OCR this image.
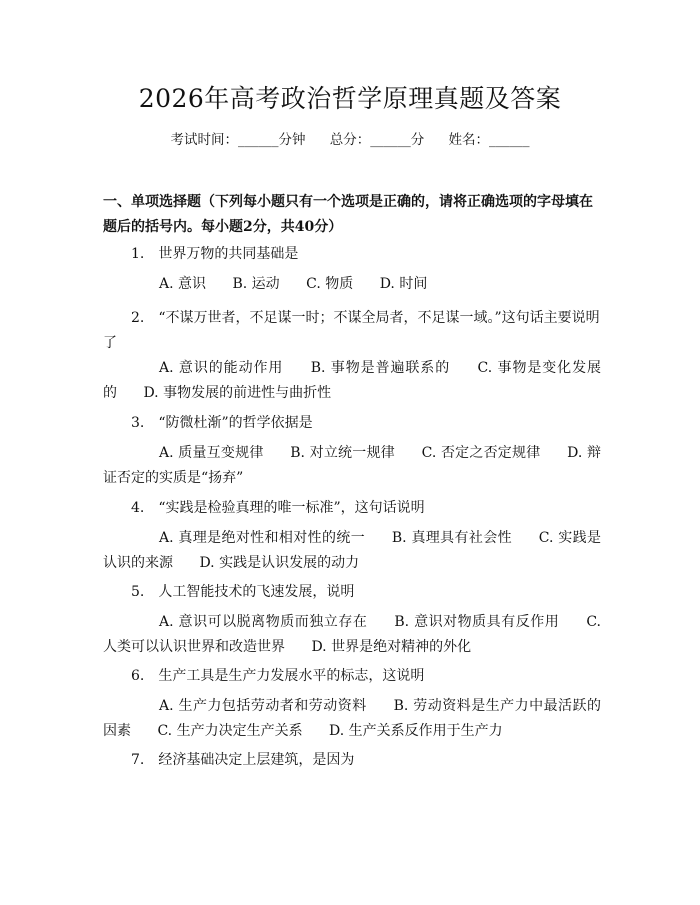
2026年高考政治哲学原理真题及答案
考试时间：______分钟 总分：______分 姓名：______
一、单项选择题（下列每小题只有一个选项是正确的，请将正确选项的字母填在题后的括号内。每小题2分，共40分）
1. 世界万物的共同基础是
A. 意识 B. 运动 C. 物质 D. 时间
2. “不谋万世者，不足谋一时；不谋全局者，不足谋一域。”这句话主要说明了
A. 意识的能动作用 B. 事物是普遍联系的 C. 事物是变化发展的 D. 事物发展的前进性与曲折性
3. “防微杜渐”的哲学依据是
A. 质量互变规律 B. 对立统一规律 C. 否定之否定规律 D. 辩证否定的实质是“扬弃”
4. “实践是检验真理的唯一标准”，这句话说明
A. 真理是绝对性和相对性的统一 B. 真理具有社会性 C. 实践是认识的来源 D. 实践是认识发展的动力
5. 人工智能技术的飞速发展，说明
A. 意识可以脱离物质而独立存在 B. 意识对物质具有反作用 C. 人类可以认识世界和改造世界 D. 世界是绝对精神的外化
6. 生产工具是生产力发展水平的标志，这说明
A. 生产力包括劳动者和劳动资料 B. 劳动资料是生产力中最活跃的因素 C. 生产力决定生产关系 D. 生产关系反作用于生产力
7. 经济基础决定上层建筑，是因为
